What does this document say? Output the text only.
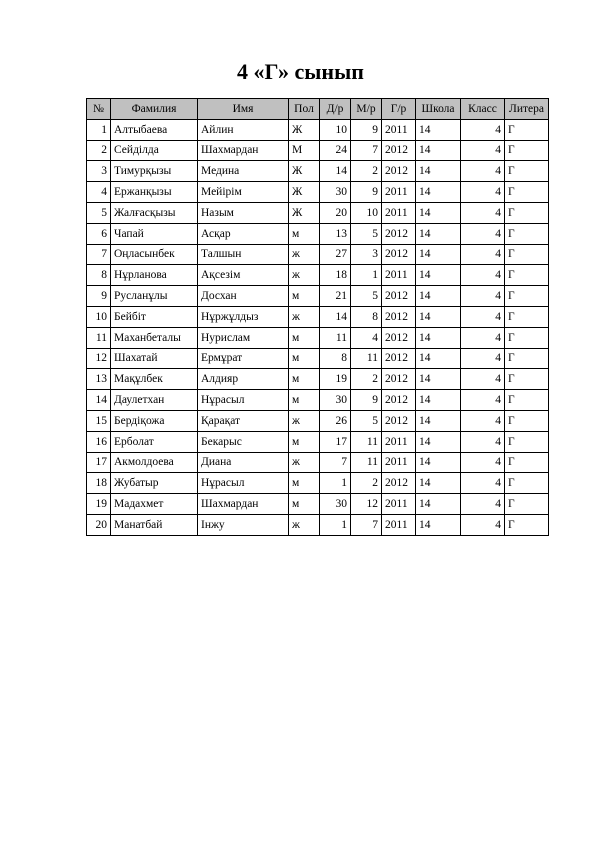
4 «Г» сынып
№	Фамилия	Имя	Пол	Д/р	М/р	Г/р	Школа	Класс	Литера
1	Алтыбаева	Айлин	Ж	10	9	2011	14	4	Г
2	Сейділда	Шахмардан	М	24	7	2012	14	4	Г
3	Тимурқызы	Медина	Ж	14	2	2012	14	4	Г
4	Ержанқызы	Мейірім	Ж	30	9	2011	14	4	Г
5	Жалғасқызы	Назым	Ж	20	10	2011	14	4	Г
6	Чапай	Асқар	м	13	5	2012	14	4	Г
7	Оңласынбек	Талшын	ж	27	3	2012	14	4	Г
8	Нұрланова	Ақсезім	ж	18	1	2011	14	4	Г
9	Русланұлы	Досхан	м	21	5	2012	14	4	Г
10	Бейбіт	Нұржұлдыз	ж	14	8	2012	14	4	Г
11	Маханбеталы	Нурислам	м	11	4	2012	14	4	Г
12	Шахатай	Ермұрат	м	8	11	2012	14	4	Г
13	Мақұлбек	Алдияр	м	19	2	2012	14	4	Г
14	Даулетхан	Нұрасыл	м	30	9	2012	14	4	Г
15	Бердіқожа	Қарақат	ж	26	5	2012	14	4	Г
16	Ерболат	Бекарыс	м	17	11	2011	14	4	Г
17	Акмолдоева	Диана	ж	7	11	2011	14	4	Г
18	Жубатыр	Нұрасыл	м	1	2	2012	14	4	Г
19	Мадахмет	Шахмардан	м	30	12	2011	14	4	Г
20	Манатбай	Інжу	ж	1	7	2011	14	4	Г
